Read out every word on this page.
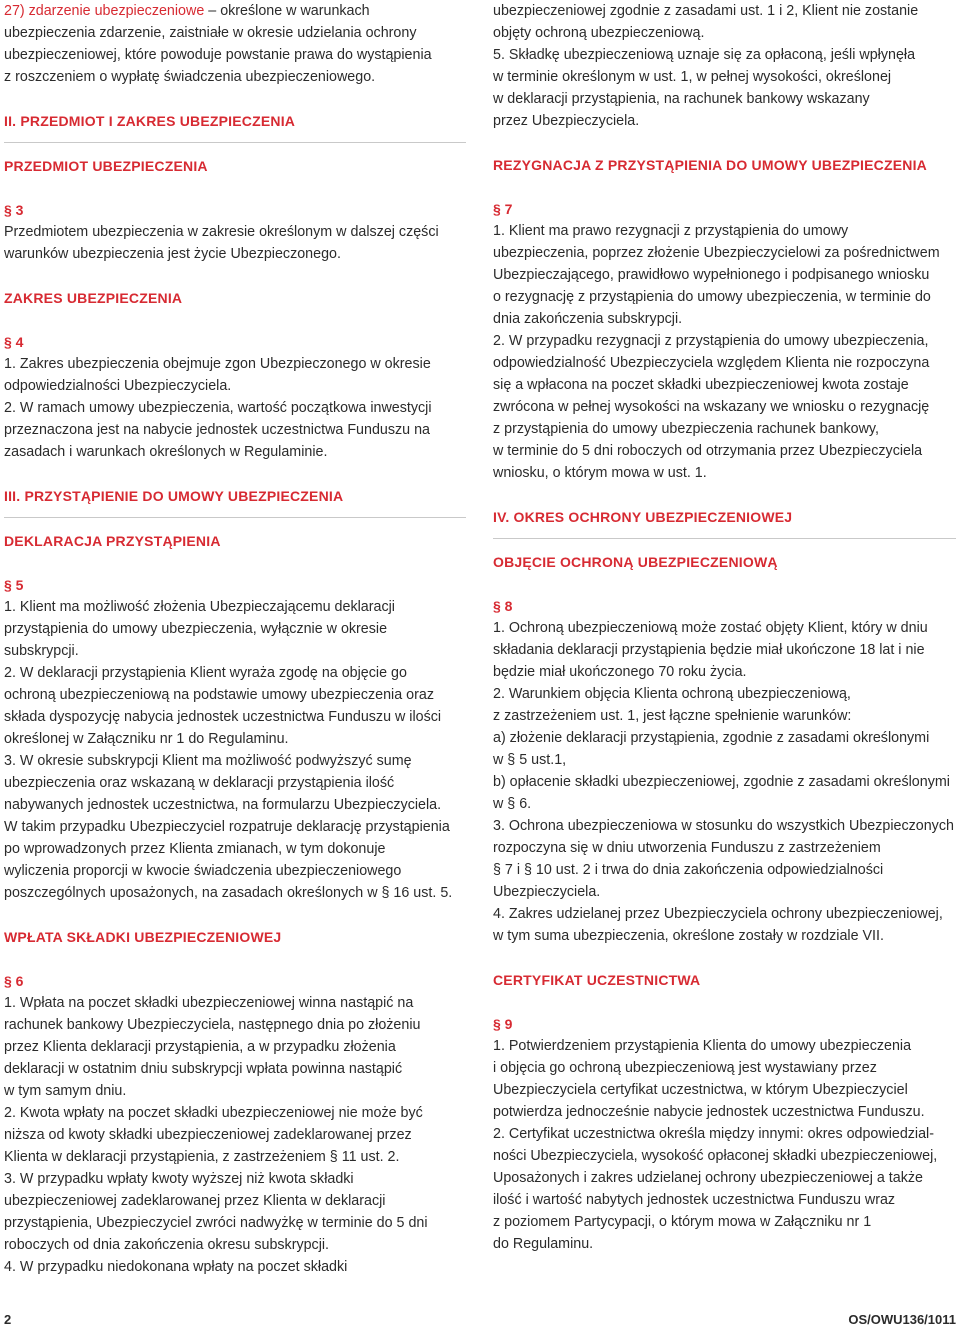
27) zdarzenie ubezpieczeniowe – określone w warunkach

ubezpieczenia zdarzenie, zaistniałe w okresie udzielania ochrony

ubezpieczeniowej, które powoduje powstanie prawa do wystąpienia

z roszczeniem o wypłatę świadczenia ubezpieczeniowego.

II. PRZEDMIOT I ZAKRES UBEZPIECZENIA

PRZEDMIOT UBEZPIECZENIA

§ 3

Przedmiotem ubezpieczenia w zakresie określonym w dalszej części

warunków ubezpieczenia jest życie Ubezpieczonego.

ZAKRES UBEZPIECZENIA

§ 4

1. Zakres ubezpieczenia obejmuje zgon Ubezpieczonego w okresie

odpowiedzialności Ubezpieczyciela.

2. W ramach umowy ubezpieczenia, wartość początkowa inwestycji

przeznaczona jest na nabycie jednostek uczestnictwa Funduszu na

zasadach i warunkach określonych w Regulaminie.

III. PRZYSTĄPIENIE DO UMOWY UBEZPIECZENIA

DEKLARACJA PRZYSTĄPIENIA

§ 5

1. Klient ma możliwość złożenia Ubezpieczającemu deklaracji

przystąpienia do umowy ubezpieczenia, wyłącznie w okresie

subskrypcji.

2. W deklaracji przystąpienia Klient wyraża zgodę na objęcie go

ochroną ubezpieczeniową na podstawie umowy ubezpieczenia oraz

składa dyspozycję nabycia jednostek uczestnictwa Funduszu w ilości

określonej w Załączniku nr 1 do Regulaminu.

3. W okresie subskrypcji Klient ma możliwość podwyższyć sumę

ubezpieczenia oraz wskazaną w deklaracji przystąpienia ilość

nabywanych jednostek uczestnictwa, na formularzu Ubezpieczyciela.

W takim przypadku Ubezpieczyciel rozpatruje deklarację przystąpienia

po wprowadzonych przez Klienta zmianach, w tym dokonuje

wyliczenia proporcji w kwocie świadczenia ubezpieczeniowego

poszczególnych uposażonych, na zasadach określonych w § 16 ust. 5.

WPŁATA SKŁADKI UBEZPIECZENIOWEJ

§ 6

1. Wpłata na poczet składki ubezpieczeniowej winna nastąpić na

rachunek bankowy Ubezpieczyciela, następnego dnia po złożeniu

przez Klienta deklaracji przystąpienia, a w przypadku złożenia

deklaracji w ostatnim dniu subskrypcji wpłata powinna nastąpić

w tym samym dniu.

2. Kwota wpłaty na poczet składki ubezpieczeniowej nie może być

niższa od kwoty składki ubezpieczeniowej zadeklarowanej przez

Klienta w deklaracji przystąpienia, z zastrzeżeniem § 11 ust. 2.

3. W przypadku wpłaty kwoty wyższej niż kwota składki

ubezpieczeniowej zadeklarowanej przez Klienta w deklaracji

przystąpienia, Ubezpieczyciel zwróci nadwyżkę w terminie do 5 dni

roboczych od dnia zakończenia okresu subskrypcji.

4. W przypadku niedokonana wpłaty na poczet składki

ubezpieczeniowej zgodnie z zasadami ust. 1 i 2, Klient nie zostanie

objęty ochroną ubezpieczeniową.

5. Składkę ubezpieczeniową uznaje się za opłaconą, jeśli wpłynęła

w terminie określonym w ust. 1, w pełnej wysokości, określonej

w deklaracji przystąpienia, na rachunek bankowy wskazany

przez Ubezpieczyciela.

REZYGNACJA Z PRZYSTĄPIENIA DO UMOWY UBEZPIECZENIA

§ 7

1. Klient ma prawo rezygnacji z przystąpienia do umowy

ubezpieczenia, poprzez złożenie Ubezpieczycielowi za pośrednictwem

Ubezpieczającego, prawidłowo wypełnionego i podpisanego wniosku

o rezygnację z przystąpienia do umowy ubezpieczenia, w terminie do

dnia zakończenia subskrypcji.

2. W przypadku rezygnacji z przystąpienia do umowy ubezpieczenia,

odpowiedzialność Ubezpieczyciela względem Klienta nie rozpoczyna

się a wpłacona na poczet składki ubezpieczeniowej kwota zostaje

zwrócona w pełnej wysokości na wskazany we wniosku o rezygnację

z przystąpienia do umowy ubezpieczenia rachunek bankowy,

w terminie do 5 dni roboczych od otrzymania przez Ubezpieczyciela

wniosku, o którym mowa w ust. 1.

IV. OKRES OCHRONY UBEZPIECZENIOWEJ

OBJĘCIE OCHRONĄ UBEZPIECZENIOWĄ

§ 8

1. Ochroną ubezpieczeniową może zostać objęty Klient, który w dniu

składania deklaracji przystąpienia będzie miał ukończone 18 lat i nie

będzie miał ukończonego 70 roku życia.

2. Warunkiem objęcia Klienta ochroną ubezpieczeniową,

z zastrzeżeniem ust. 1, jest łączne spełnienie warunków:

a) złożenie deklaracji przystąpienia, zgodnie z zasadami określonymi

w § 5 ust.1,

b) opłacenie składki ubezpieczeniowej, zgodnie z zasadami określonymi

w § 6.

3. Ochrona ubezpieczeniowa w stosunku do wszystkich Ubezpieczonych

rozpoczyna się w dniu utworzenia Funduszu z zastrzeżeniem

§ 7 i § 10 ust. 2 i trwa do dnia zakończenia odpowiedzialności

Ubezpieczyciela.

4. Zakres udzielanej przez Ubezpieczyciela ochrony ubezpieczeniowej,

w tym suma ubezpieczenia, określone zostały w rozdziale VII.

CERTYFIKAT UCZESTNICTWA

§ 9

1. Potwierdzeniem przystąpienia Klienta do umowy ubezpieczenia

i objęcia go ochroną ubezpieczeniową jest wystawiany przez

Ubezpieczyciela certyfikat uczestnictwa, w którym Ubezpieczyciel

potwierdza jednocześnie nabycie jednostek uczestnictwa Funduszu.

2. Certyfikat uczestnictwa określa między innymi: okres odpowiedzial-

ności Ubezpieczyciela, wysokość opłaconej składki ubezpieczeniowej,

Uposażonych i zakres udzielanej ochrony ubezpieczeniowej a także

ilość i wartość nabytych jednostek uczestnictwa Funduszu wraz

z poziomem Partycypacji, o którym mowa w Załączniku nr 1

do Regulaminu.

2	OS/OWU136/1011
